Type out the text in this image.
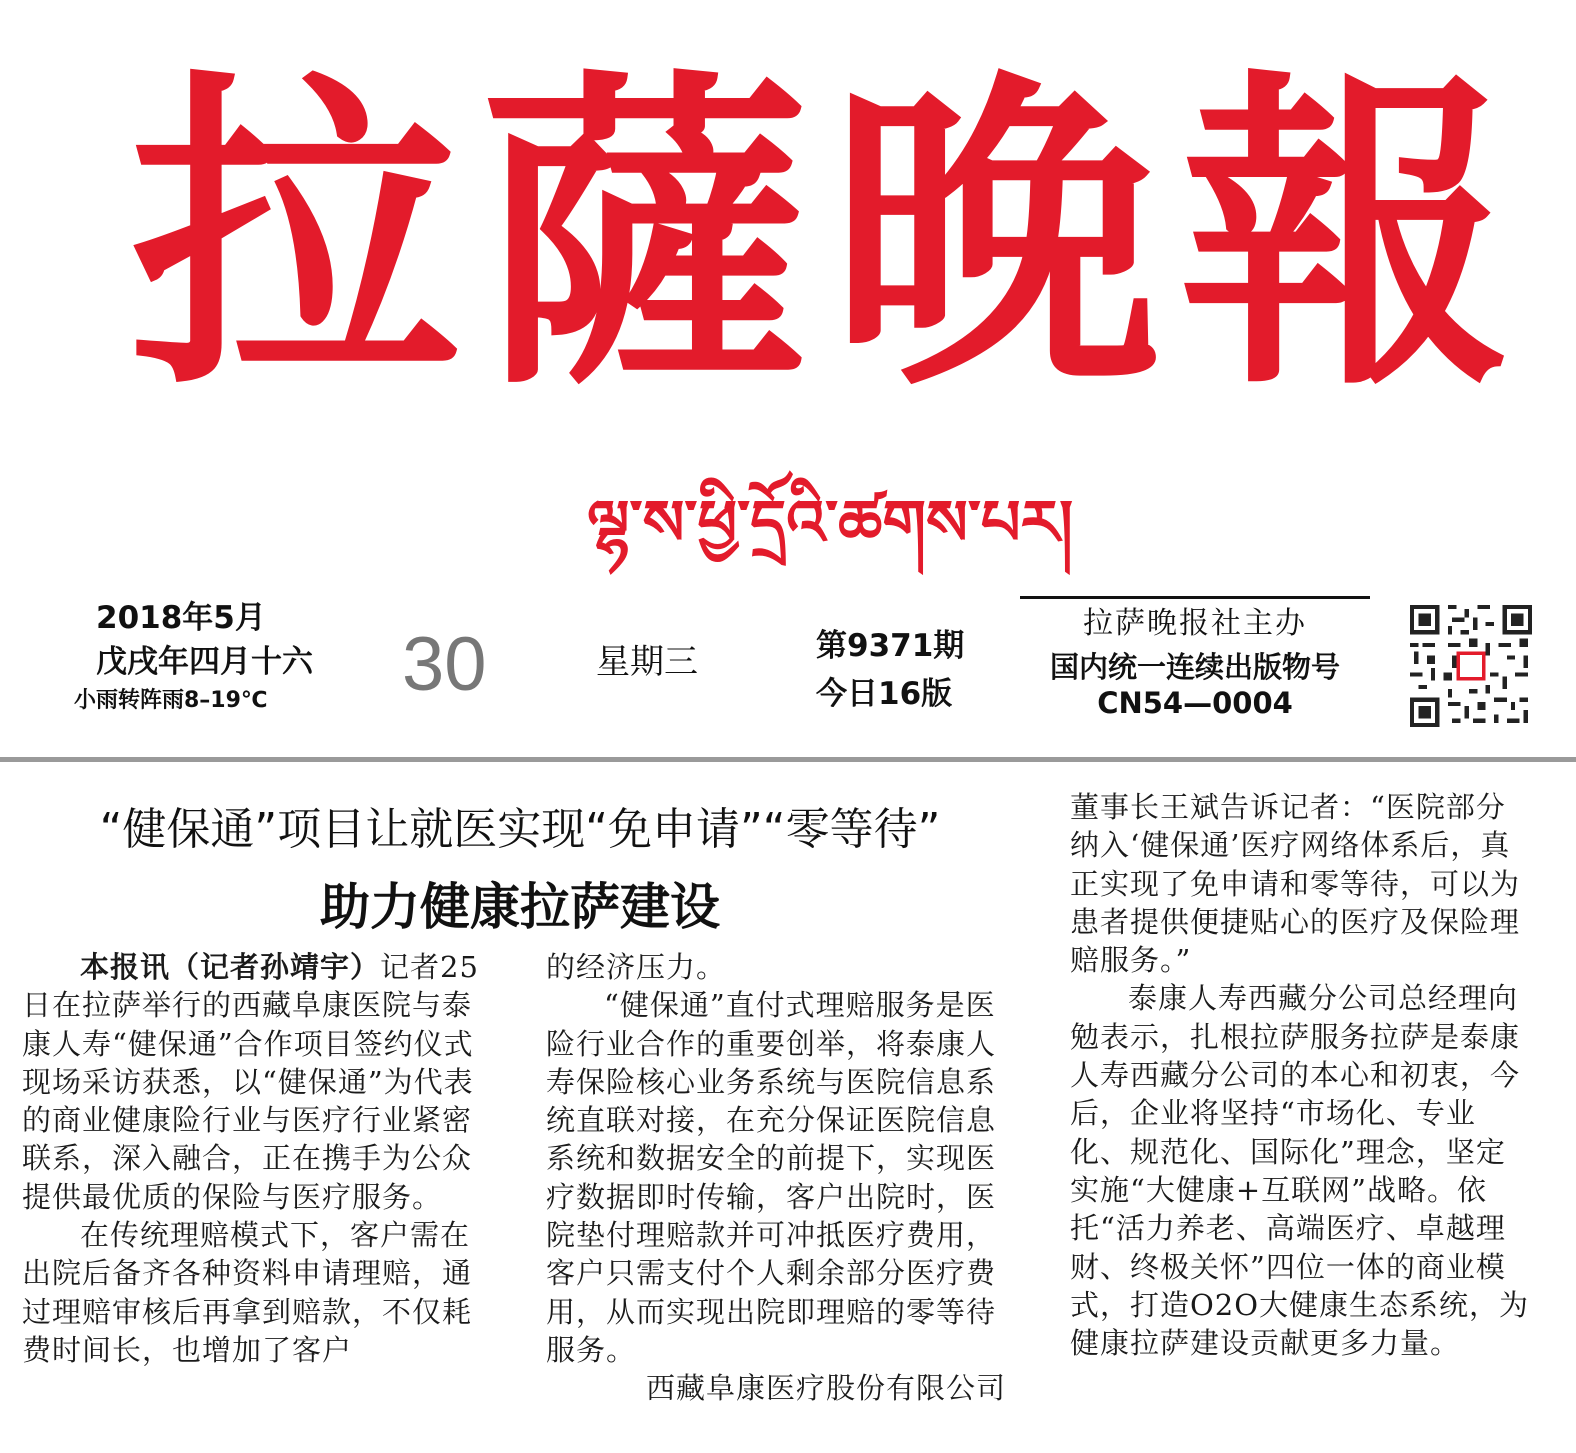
拉 薩 晚 報
ལྷ་ས་ཕྱི་དྲོའི་ཚགས་པར།
2018年5月
戊戌年四月十六
小雨转阵雨8–19℃	30	星期三	第9371期
今日16版
拉萨晚报社主办
国内统一连续出版物号
CN54—0004
“健保通”项目让就医实现“免申请”“零等待”
助力健康拉萨建设

本报讯（记者孙靖宇）记者25日在拉萨举行的西藏阜康医院与泰康人寿“健保通”合作项目签约仪式现场采访获悉，以“健保通”为代表的商业健康险行业与医疗行业紧密联系，深入融合，正在携手为公众提供最优质的保险与医疗服务。

在传统理赔模式下，客户需在出院后备齐各种资料申请理赔，通过理赔审核后再拿到赔款，不仅耗费时间长，也增加了客户

的经济压力。

“健保通”直付式理赔服务是医险行业合作的重要创举，将泰康人寿保险核心业务系统与医院信息系统直联对接，在充分保证医院信息系统和数据安全的前提下，实现医疗数据即时传输，客户出院时，医院垫付理赔款并可冲抵医疗费用，客户只需支付个人剩余部分医疗费用，从而实现出院即理赔的零等待服务。

西藏阜康医疗股份有限公司

董事长王斌告诉记者：“医院部分纳入‘健保通’医疗网络体系后，真正实现了免申请和零等待，可以为患者提供便捷贴心的医疗及保险理赔服务。”

泰康人寿西藏分公司总经理向勉表示，扎根拉萨服务拉萨是泰康人寿西藏分公司的本心和初衷，今后，企业将坚持“市场化、专业化、规范化、国际化”理念，坚定实施“大健康+互联网”战略。依托“活力养老、高端医疗、卓越理财、终极关怀”四位一体的商业模式，打造O2O大健康生态系统，为健康拉萨建设贡献更多力量。
